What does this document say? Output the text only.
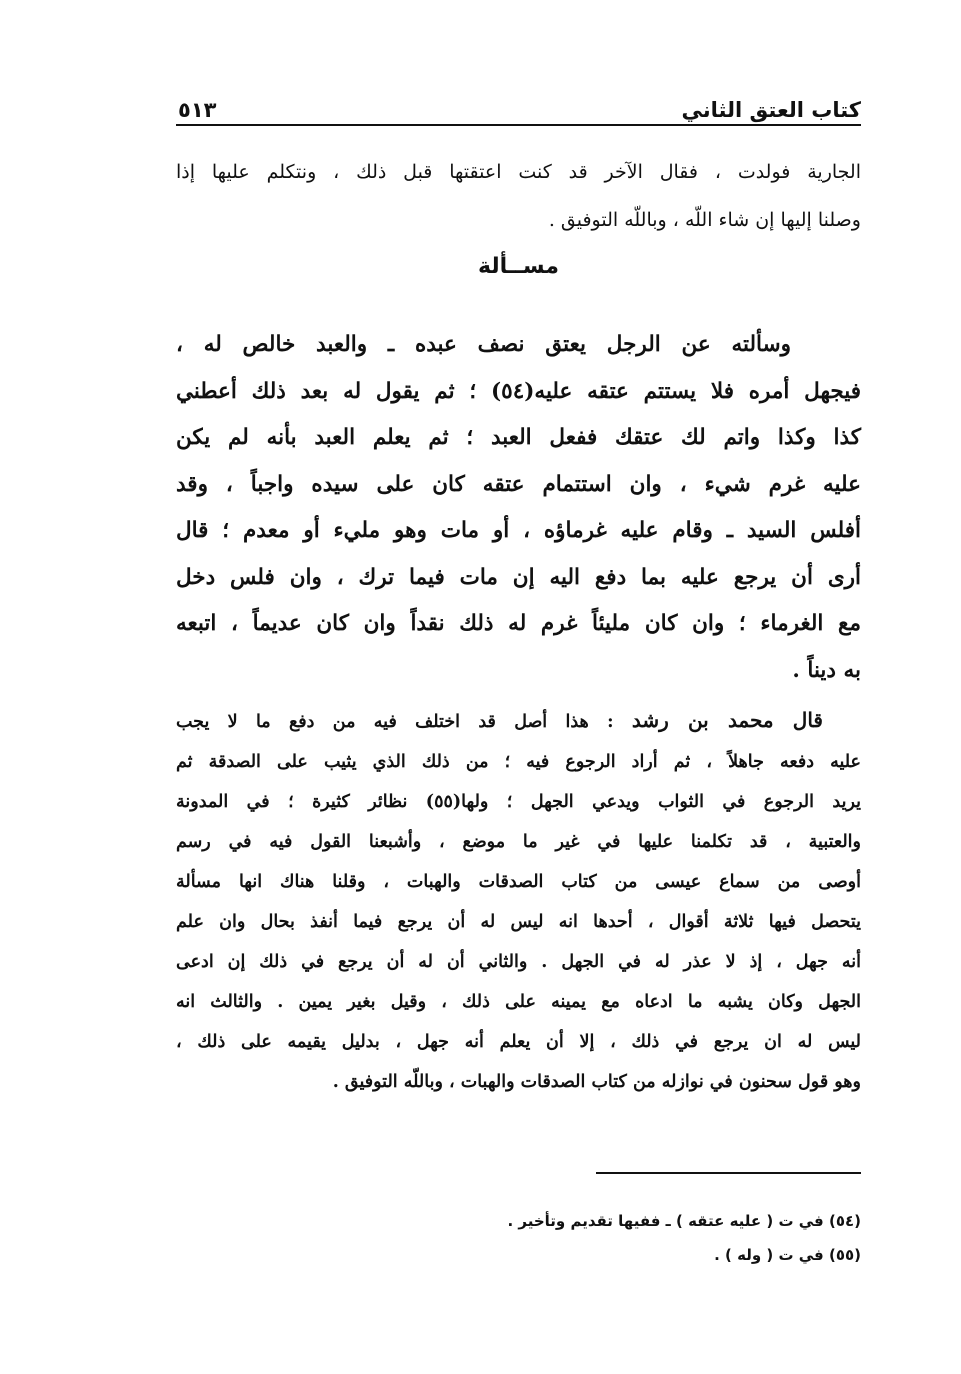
كتاب العتق الثاني
٥١٣
الجارية فولدت ، فقال الآخر قد كنت اعتقتها قبل ذلك ، ونتكلم عليها إذا
وصلنا إليها إن شاء اللّه ، وباللّه التوفيق .
مســألة
وسألته عن الرجل يعتق نصف عبده ـ والعبد خالص له ،
فيجهل أمره فلا يستتم عتقه عليه(٥٤) ؛ ثم يقول له بعد ذلك أعطني
كذا وكذا واتم لك عتقك ففعل العبد ؛ ثم يعلم العبد بأنه لم يكن
عليه غرم شيء ، وان استتمام عتقه كان على سيده واجباً ، وقد
أفلس السيد ـ وقام عليه غرماؤه ، أو مات وهو مليء أو معدم ؛ قال
أرى أن يرجع عليه بما دفع اليه إن مات فيما ترك ، وان فلس دخل
مع الغرماء ؛ وان كان مليئاً غرم له ذلك نقداً وان كان عديماً ، اتبعه
به ديناً .
قال محمد بن رشد : هذا أصل قد اختلف فيه من دفع ما لا يجب
عليه دفعه جاهلاً ، ثم أراد الرجوع فيه ؛ من ذلك الذي يثيب على الصدقة ثم
يريد الرجوع في الثواب ويدعي الجهل ؛ ولها(٥٥) نظائر كثيرة ؛ في المدونة
والعتبية ، قد تكلمنا عليها في غير ما موضع ، وأشبعنا القول فيه في رسم
أوصى من سماع عيسى من كتاب الصدقات والهبات ، وقلنا هناك انها مسألة
يتحصل فيها ثلاثة أقوال ، أحدها انه ليس له أن يرجع فيما أنفذ بحال وان علم
أنه جهل ، إذ لا عذر له في الجهل . والثاني أن له أن يرجع في ذلك إن ادعى
الجهل وكان يشبه ما ادعاه مع يمينه على ذلك ، وقيل بغير يمين . والثالث انه
ليس له ان يرجع في ذلك ، إلا أن يعلم أنه جهل ، بدليل يقيمه على ذلك ،
وهو قول سحنون في نوازله من كتاب الصدقات والهبات ، وباللّه التوفيق .
(٥٤) في ت ( عليه عتقه ) ـ ففيها تقديم وتأخير .
(٥٥) في ت ( وله ) .
